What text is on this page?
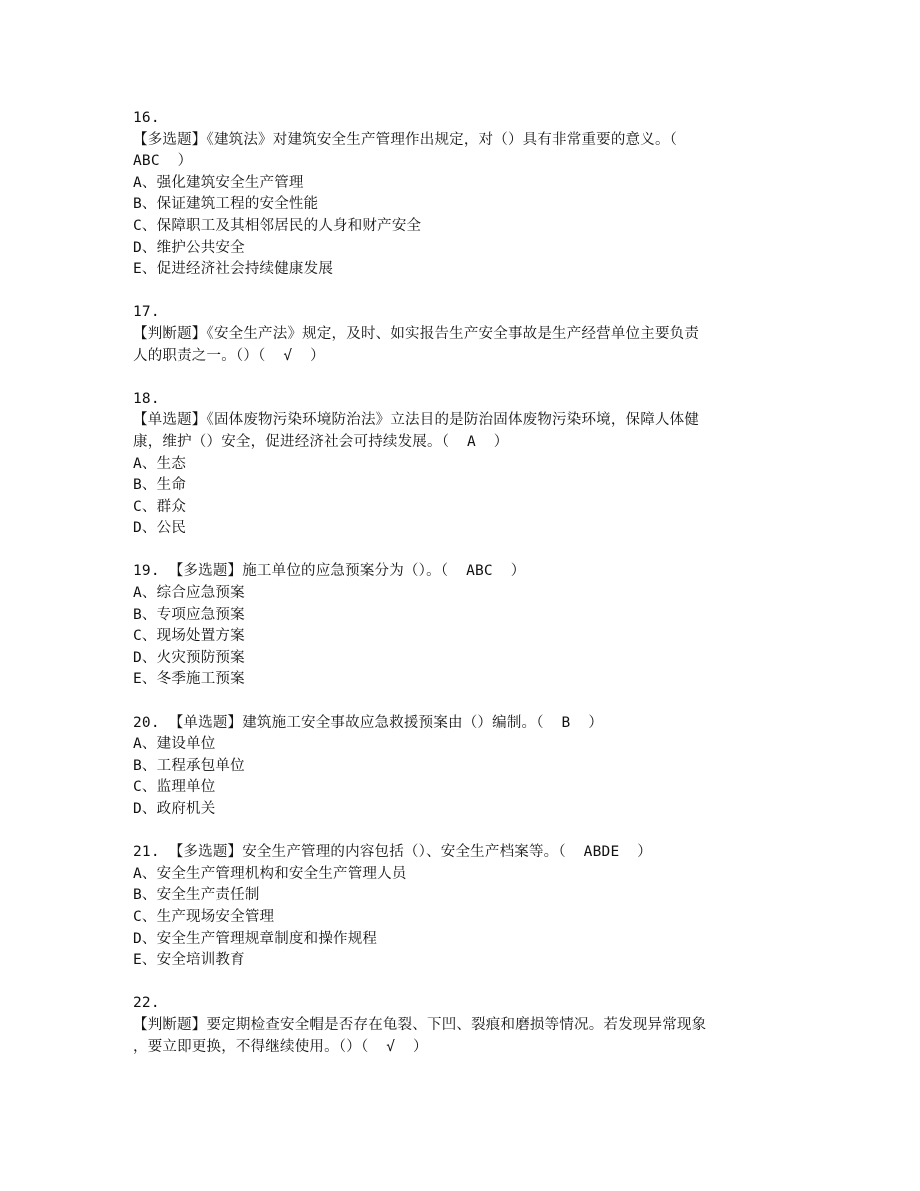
16.
【多选题】《建筑法》对建筑安全生产管理作出规定，对（）具有非常重要的意义。（
ABC  ）
A、强化建筑安全生产管理
B、保证建筑工程的安全性能
C、保障职工及其相邻居民的人身和财产安全
D、维护公共安全
E、促进经济社会持续健康发展
17.
【判断题】《安全生产法》规定，及时、如实报告生产安全事故是生产经营单位主要负责
人的职责之一。（）（  √  ）
18.
【单选题】《固体废物污染环境防治法》立法目的是防治固体废物污染环境，保障人体健
康，维护（）安全，促进经济社会可持续发展。（  A  ）
A、生态
B、生命
C、群众
D、公民
19. 【多选题】施工单位的应急预案分为（）。（  ABC  ）
A、综合应急预案
B、专项应急预案
C、现场处置方案
D、火灾预防预案
E、冬季施工预案
20. 【单选题】建筑施工安全事故应急救援预案由（）编制。（  B  ）
A、建设单位
B、工程承包单位
C、监理单位
D、政府机关
21. 【多选题】安全生产管理的内容包括（）、安全生产档案等。（  ABDE  ）
A、安全生产管理机构和安全生产管理人员
B、安全生产责任制
C、生产现场安全管理
D、安全生产管理规章制度和操作规程
E、安全培训教育
22.
【判断题】要定期检查安全帽是否存在龟裂、下凹、裂痕和磨损等情况。若发现异常现象
，要立即更换，不得继续使用。（）（  √  ）
